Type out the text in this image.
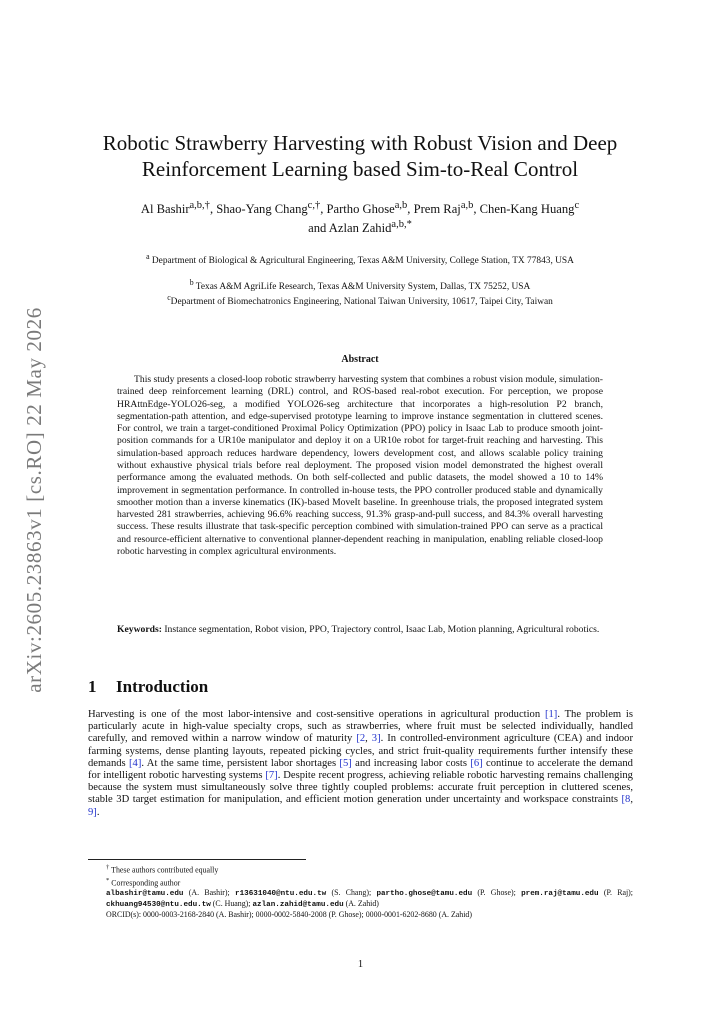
arXiv:2605.23863v1 [cs.RO] 22 May 2026
Robotic Strawberry Harvesting with Robust Vision and Deep
Reinforcement Learning based Sim-to-Real Control
Al Bashir$^{a,b,\dagger}$, Shao-Yang Chang$^{c,\dagger}$, Partho Ghose$^{a,b}$, Prem Raj$^{a,b}$, Chen-Kang Huang$^c$
and Azlan Zahid$^{a,b,*}$
$^a$ Department of Biological & Agricultural Engineering, Texas A&M University, College Station, TX 77843, USA
$^b$ Texas A&M AgriLife Research, Texas A&M University System, Dallas, TX 75252, USA
$^c$Department of Biomechatronics Engineering, National Taiwan University, 10617, Taipei City, Taiwan
Abstract
This study presents a closed-loop robotic strawberry harvesting system that combines a robust vision module, simulation-trained deep reinforcement learning (DRL) control, and ROS-based real-robot execution. For perception, we propose HRAttnEdge-YOLO26-seg, a modified YOLO26-seg architecture that incorporates a high-resolution P2 branch, segmentation-path attention, and edge-supervised prototype learning to improve instance segmentation in cluttered scenes. For control, we train a target-conditioned Proximal Policy Optimization (PPO) policy in Isaac Lab to produce smooth joint-position commands for a UR10e manipulator and deploy it on a UR10e robot for target-fruit reaching and harvesting. This simulation-based approach reduces hardware dependency, lowers development cost, and allows scalable policy training without exhaustive physical trials before real deployment. The proposed vision model demonstrated the highest overall performance among the evaluated methods. On both self-collected and public datasets, the model showed a 10 to 14% improvement in segmentation performance. In controlled in-house tests, the PPO controller produced stable and dynamically smoother motion than a inverse kinematics (IK)-based MoveIt baseline. In greenhouse trials, the proposed integrated system harvested 281 strawberries, achieving 96.6% reaching success, 91.3% grasp-and-pull success, and 84.3% overall harvesting success. These results illustrate that task-specific perception combined with simulation-trained PPO can serve as a practical and resource-efficient alternative to conventional planner-dependent reaching in manipulation, enabling reliable closed-loop robotic harvesting in complex agricultural environments.
Keywords: Instance segmentation, Robot vision, PPO, Trajectory control, Isaac Lab, Motion planning, Agricultural robotics.
1 Introduction
Harvesting is one of the most labor-intensive and cost-sensitive operations in agricultural production [1]. The problem is particularly acute in high-value specialty crops, such as strawberries, where fruit must be selected individually, handled carefully, and removed within a narrow window of maturity [2, 3]. In controlled-environment agriculture (CEA) and indoor farming systems, dense planting layouts, repeated picking cycles, and strict fruit-quality requirements further intensify these demands [4]. At the same time, persistent labor shortages [5] and increasing labor costs [6] continue to accelerate the demand for intelligent robotic harvesting systems [7]. Despite recent progress, achieving reliable robotic harvesting remains challenging because the system must simultaneously solve three tightly coupled problems: accurate fruit perception in cluttered scenes, stable 3D target estimation for manipulation, and efficient motion generation under uncertainty and workspace constraints [8, 9].
† These authors contributed equally
* Corresponding author
albashir@tamu.edu (A. Bashir); r13631040@ntu.edu.tw (S. Chang); partho.ghose@tamu.edu (P. Ghose); prem.raj@tamu.edu (P. Raj); ckhuang94530@ntu.edu.tw (C. Huang); azlan.zahid@tamu.edu (A. Zahid)
ORCID(s): 0000-0003-2168-2840 (A. Bashir); 0000-0002-5840-2008 (P. Ghose); 0000-0001-6202-8680 (A. Zahid)
1
